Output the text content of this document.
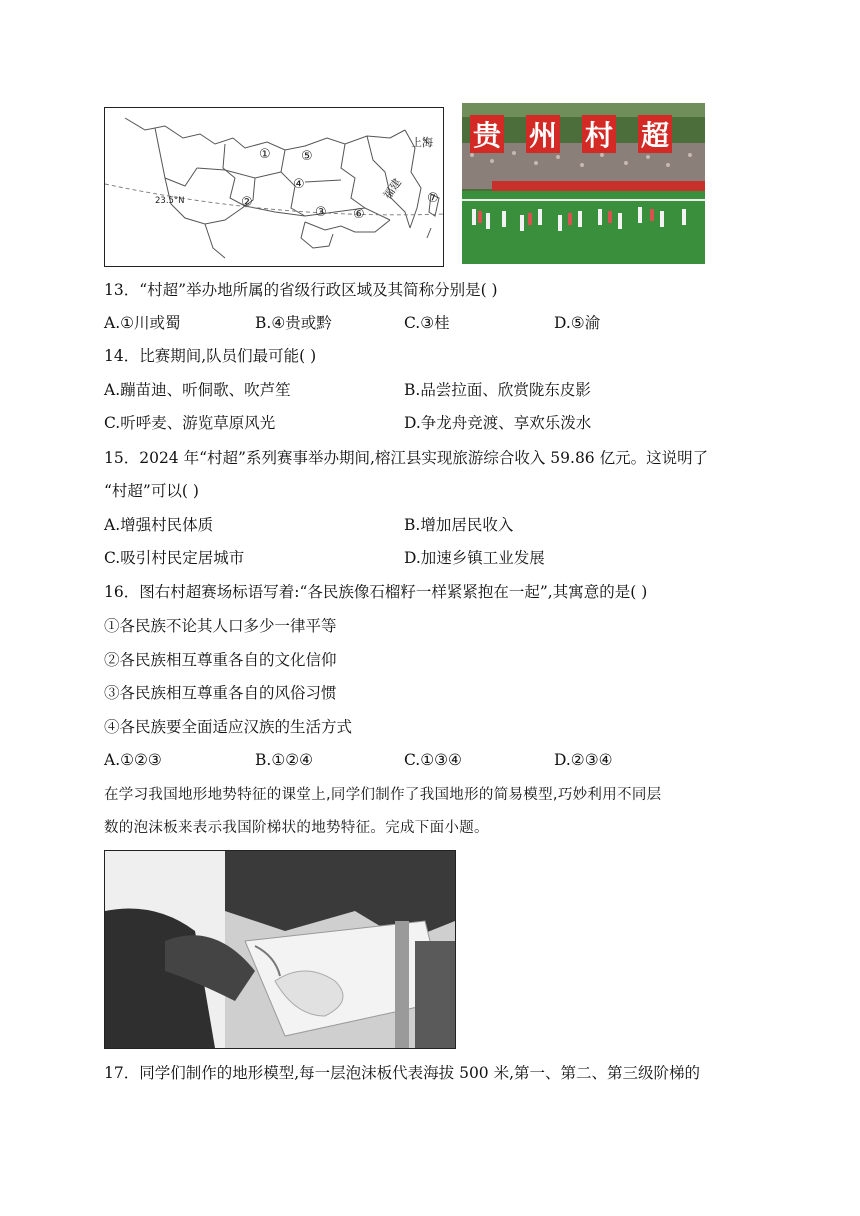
①
②
③
④
⑤
⑥
⑦
上海
福建
23.5°N
贵 州 村 超
13．“村超”举办地所属的省级行政区域及其简称分别是( )
A.①川或蜀	B.④贵或黔	C.③桂	D.⑤渝
14．比赛期间,队员们最可能( )
A.蹦苗迪、听侗歌、吹芦笙	B.品尝拉面、欣赏陇东皮影
C.听呼麦、游览草原风光	D.争龙舟竞渡、享欢乐泼水
15．2024 年“村超”系列赛事举办期间,榕江县实现旅游综合收入 59.86 亿元。这说明了
“村超”可以( )
A.增强村民体质	B.增加居民收入
C.吸引村民定居城市	D.加速乡镇工业发展
16．图右村超赛场标语写着:“各民族像石榴籽一样紧紧抱在一起”,其寓意的是( )
①各民族不论其人口多少一律平等
②各民族相互尊重各自的文化信仰
③各民族相互尊重各自的风俗习惯
④各民族要全面适应汉族的生活方式
A.①②③	B.①②④	C.①③④	D.②③④
在学习我国地形地势特征的课堂上,同学们制作了我国地形的简易模型,巧妙利用不同层
数的泡沫板来表示我国阶梯状的地势特征。完成下面小题。
17．同学们制作的地形模型,每一层泡沫板代表海拔 500 米,第一、第二、第三级阶梯的
